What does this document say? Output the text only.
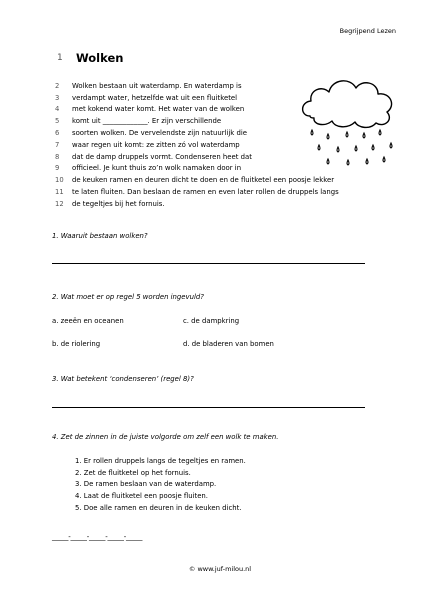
Begrijpend Lezen
1	Wolken
2	Wolken bestaan uit waterdamp. En waterdamp is
3	verdampt water, hetzelfde wat uit een fluitketel
4	met kokend water komt. Het water van de wolken
5	komt uit _____________. Er zijn verschillende
6	soorten wolken. De vervelendste zijn natuurlijk die
7	waar regen uit komt: ze zitten zó vol waterdamp
8	dat de damp druppels vormt. Condenseren heet dat
9	officieel. Je kunt thuis zo’n wolk namaken door in
10	de keuken ramen en deuren dicht te doen en de fluitketel een poosje lekker
11	te laten fluiten. Dan beslaan de ramen en even later rollen de druppels langs
12	de tegeltjes bij het fornuis.
1. Waaruit bestaan wolken?
2. Wat moet er op regel 5 worden ingevuld?
a. zeeën en oceanen	c. de dampkring
b. de riolering	d. de bladeren van bomen
3. Wat betekent ‘condenseren’ (regel 8)?
4. Zet de zinnen in de juiste volgorde om zelf een wolk te maken.
1. Er rollen druppels langs de tegeltjes en ramen.
2. Zet de fluitketel op het fornuis.
3. De ramen beslaan van de waterdamp.
4. Laat de fluitketel een poosje fluiten.
5. Doe alle ramen en deuren in de keuken dicht.
_____-_____-_____-_____-_____
© www.juf-milou.nl
